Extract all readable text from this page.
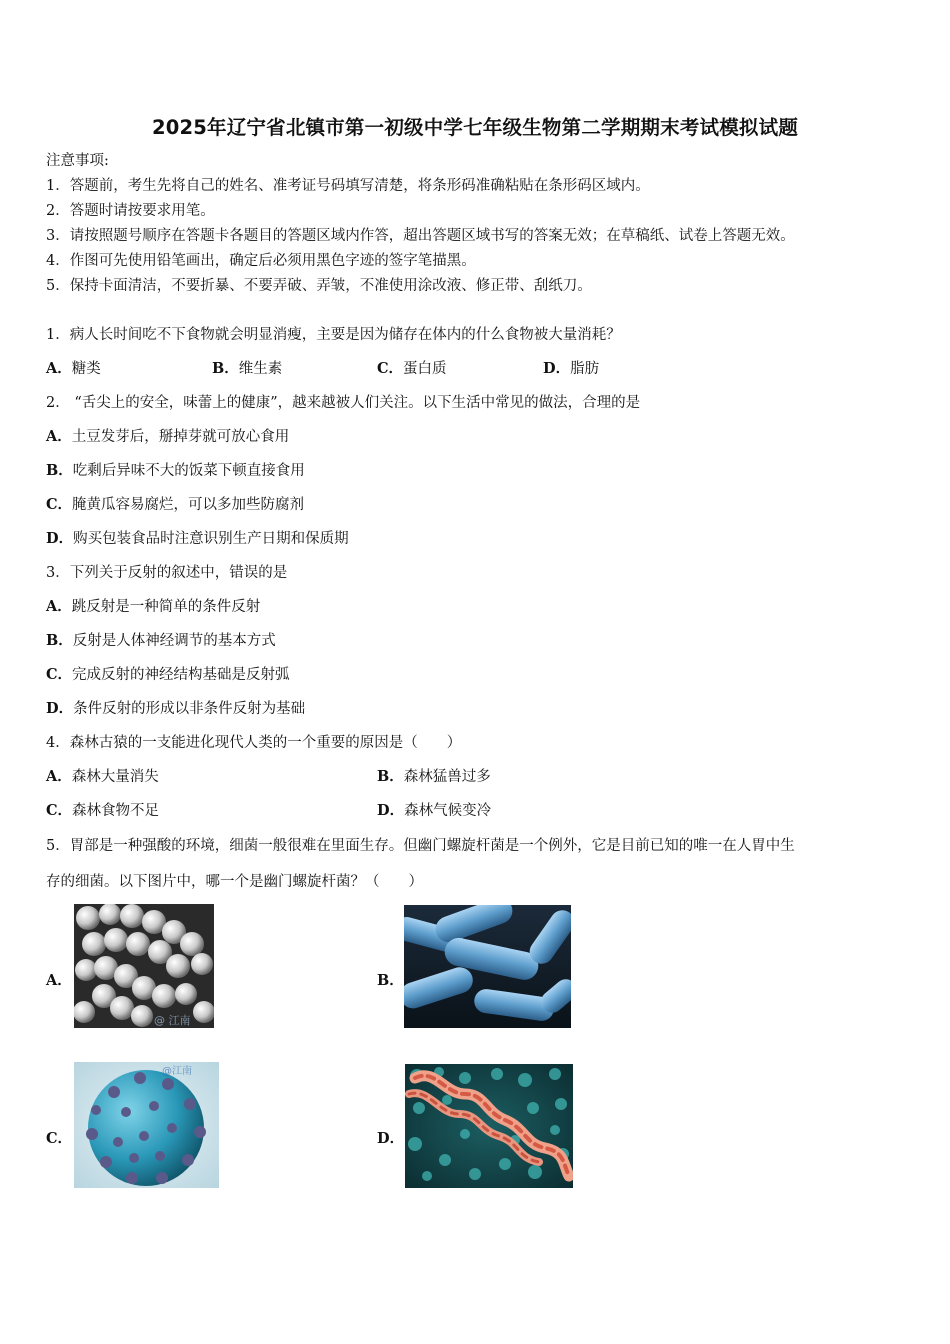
2025年辽宁省北镇市第一初级中学七年级生物第二学期期末考试模拟试题
注意事项:
1．答题前，考生先将自己的姓名、准考证号码填写清楚，将条形码准确粘贴在条形码区域内。
2．答题时请按要求用笔。
3．请按照题号顺序在答题卡各题目的答题区域内作答，超出答题区域书写的答案无效；在草稿纸、试卷上答题无效。
4．作图可先使用铅笔画出，确定后必须用黑色字迹的签字笔描黑。
5．保持卡面清洁，不要折暴、不要弄破、弄皱，不准使用涂改液、修正带、刮纸刀。
1．病人长时间吃不下食物就会明显消瘦，主要是因为储存在体内的什么食物被大量消耗？
A．糖类	B．维生素	C．蛋白质	D．脂肪
2． “舌尖上的安全，味蕾上的健康”，越来越被人们关注。以下生活中常见的做法，合理的是
A．土豆发芽后，掰掉芽就可放心食用
B．吃剩后异味不大的饭菜下顿直接食用
C．腌黄瓜容易腐烂，可以多加些防腐剂
D．购买包装食品时注意识别生产日期和保质期
3．下列关于反射的叙述中，错误的是
A．跳反射是一种简单的条件反射
B．反射是人体神经调节的基本方式
C．完成反射的神经结构基础是反射弧
D．条件反射的形成以非条件反射为基础
4．森林古猿的一支能进化现代人类的一个重要的原因是（　　）
A．森林大量消失	B．森林猛兽过多
C．森林食物不足	D．森林气候变冷
5．胃部是一种强酸的环境，细菌一般很难在里面生存。但幽门螺旋杆菌是一个例外，它是目前已知的唯一在人胃中生
存的细菌。以下图片中，哪一个是幽门螺旋杆菌？（　　）
A．
@ 江南
B．
C．
@江南
D．
